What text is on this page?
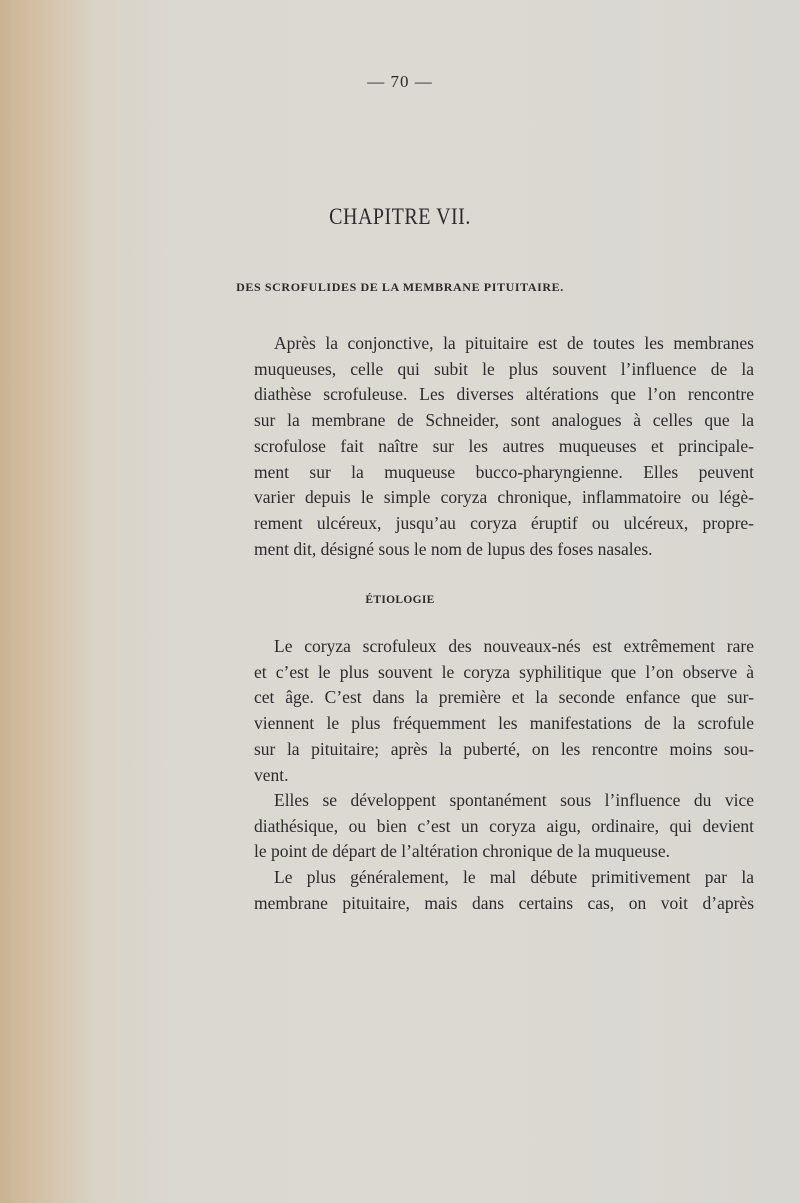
— 70 —
CHAPITRE VII.
DES SCROFULIDES DE LA MEMBRANE PITUITAIRE.
Après la conjonctive, la pituitaire est de toutes les membranes
muqueuses, celle qui subit le plus souvent l’influence de la
diathèse scrofuleuse. Les diverses altérations que l’on rencontre
sur la membrane de Schneider, sont analogues à celles que la
scrofulose fait naître sur les autres muqueuses et principale-
ment sur la muqueuse bucco-pharyngienne. Elles peuvent
varier depuis le simple coryza chronique, inflammatoire ou légè-
rement ulcéreux, jusqu’au coryza éruptif ou ulcéreux, propre-
ment dit, désigné sous le nom de lupus des foses nasales.
ÉTIOLOGIE
Le coryza scrofuleux des nouveaux-nés est extrêmement rare
et c’est le plus souvent le coryza syphilitique que l’on observe à
cet âge. C’est dans la première et la seconde enfance que sur-
viennent le plus fréquemment les manifestations de la scrofule
sur la pituitaire; après la puberté, on les rencontre moins sou-
vent.
Elles se développent spontanément sous l’influence du vice
diathésique, ou bien c’est un coryza aigu, ordinaire, qui devient
le point de départ de l’altération chronique de la muqueuse.
Le plus généralement, le mal débute primitivement par la
membrane pituitaire, mais dans certains cas, on voit d’après
